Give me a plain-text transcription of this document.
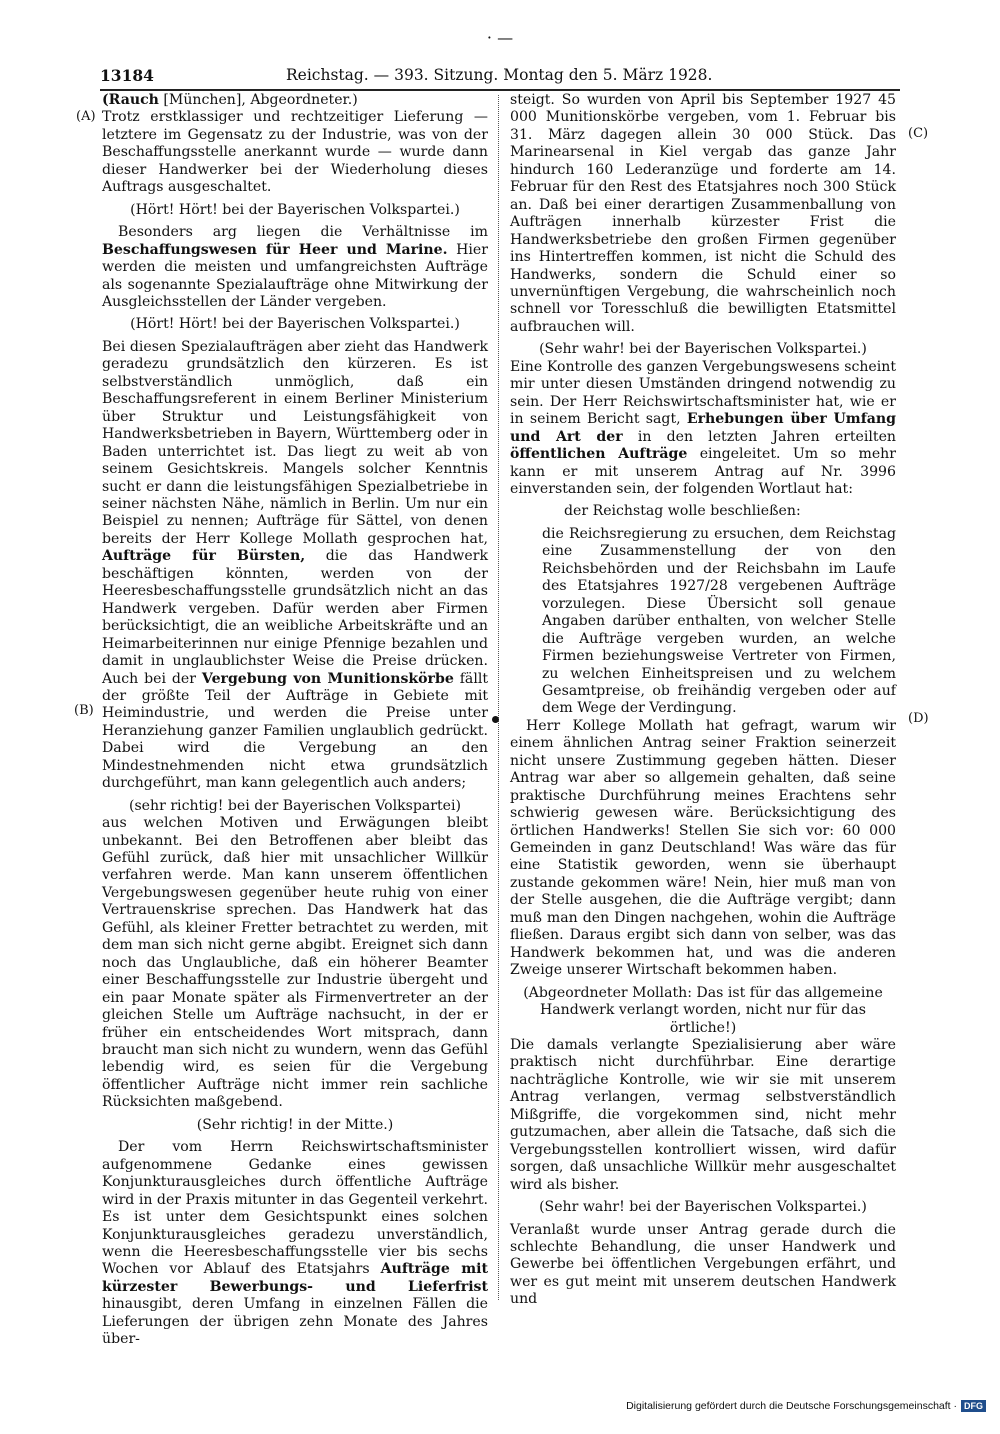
· —
13184	Reichstag. — 393. Sitzung. Montag den 5. März 1928.
(A)
(B)
(C)
(D)

(Rauch [München], Abgeordneter.)

Trotz erstklassiger und rechtzeitiger Lieferung — letztere im Gegensatz zu der Industrie, was von der Beschaffungsstelle anerkannt wurde — wurde dann dieser Handwerker bei der Wiederholung dieses Auftrags ausgeschaltet.

(Hört! Hört! bei der Bayerischen Volkspartei.)

Besonders arg liegen die Verhältnisse im Beschaffungswesen für Heer und Marine. Hier werden die meisten und umfangreichsten Aufträge als sogenannte Spezialaufträge ohne Mitwirkung der Ausgleichsstellen der Länder vergeben.

(Hört! Hört! bei der Bayerischen Volkspartei.)

Bei diesen Spezialaufträgen aber zieht das Handwerk geradezu grundsätzlich den kürzeren. Es ist selbstverständlich unmöglich, daß ein Beschaffungsreferent in einem Berliner Ministerium über Struktur und Leistungsfähigkeit von Handwerksbetrieben in Bayern, Württemberg oder in Baden unterrichtet ist. Das liegt zu weit ab von seinem Gesichtskreis. Mangels solcher Kenntnis sucht er dann die leistungsfähigen Spezialbetriebe in seiner nächsten Nähe, nämlich in Berlin. Um nur ein Beispiel zu nennen; Aufträge für Sättel, von denen bereits der Herr Kollege Mollath gesprochen hat, Aufträge für Bürsten, die das Handwerk beschäftigen könnten, werden von der Heeresbeschaffungsstelle grundsätzlich nicht an das Handwerk vergeben. Dafür werden aber Firmen berücksichtigt, die an weibliche Arbeitskräfte und an Heimarbeiterinnen nur einige Pfennige bezahlen und damit in unglaublichster Weise die Preise drücken. Auch bei der Vergebung von Munitionskörbe fällt der größte Teil der Aufträge in Gebiete mit Heimindustrie, und werden die Preise unter Heranziehung ganzer Familien unglaublich gedrückt. Dabei wird die Vergebung an den Mindestnehmenden nicht etwa grundsätzlich durchgeführt, man kann gelegentlich auch anders;

(sehr richtig! bei der Bayerischen Volkspartei)

aus welchen Motiven und Erwägungen bleibt unbekannt. Bei den Betroffenen aber bleibt das Gefühl zurück, daß hier mit unsachlicher Willkür verfahren werde. Man kann unserem öffentlichen Vergebungswesen gegenüber heute ruhig von einer Vertrauenskrise sprechen. Das Handwerk hat das Gefühl, als kleiner Fretter betrachtet zu werden, mit dem man sich nicht gerne abgibt. Ereignet sich dann noch das Unglaubliche, daß ein höherer Beamter einer Beschaffungsstelle zur Industrie übergeht und ein paar Monate später als Firmenvertreter an der gleichen Stelle um Aufträge nachsucht, in der er früher ein entscheidendes Wort mitsprach, dann braucht man sich nicht zu wundern, wenn das Gefühl lebendig wird, es seien für die Vergebung öffentlicher Aufträge nicht immer rein sachliche Rücksichten maßgebend.

(Sehr richtig! in der Mitte.)

Der vom Herrn Reichswirtschaftsminister aufgenommene Gedanke eines gewissen Konjunkturausgleiches durch öffentliche Aufträge wird in der Praxis mitunter in das Gegenteil verkehrt. Es ist unter dem Gesichtspunkt eines solchen Konjunkturausgleiches geradezu unverständlich, wenn die Heeresbeschaffungsstelle vier bis sechs Wochen vor Ablauf des Etatsjahrs Aufträge mit kürzester Bewerbungs- und Lieferfrist hinausgibt, deren Umfang in einzelnen Fällen die Lieferungen der übrigen zehn Monate des Jahres über-

steigt. So wurden von April bis September 1927 45 000 Munitionskörbe vergeben, vom 1. Februar bis 31. März dagegen allein 30 000 Stück. Das Marinearsenal in Kiel vergab das ganze Jahr hindurch 160 Lederanzüge und forderte am 14. Februar für den Rest des Etatsjahres noch 300 Stück an. Daß bei einer derartigen Zusammenballung von Aufträgen innerhalb kürzester Frist die Handwerksbetriebe den großen Firmen gegenüber ins Hintertreffen kommen, ist nicht die Schuld des Handwerks, sondern die Schuld einer so unvernünftigen Vergebung, die wahrscheinlich noch schnell vor Toresschluß die bewilligten Etatsmittel aufbrauchen will.

(Sehr wahr! bei der Bayerischen Volkspartei.)

Eine Kontrolle des ganzen Vergebungswesens scheint mir unter diesen Umständen dringend notwendig zu sein. Der Herr Reichswirtschaftsminister hat, wie er in seinem Bericht sagt, Erhebungen über Umfang und Art der in den letzten Jahren erteilten öffentlichen Aufträge eingeleitet. Um so mehr kann er mit unserem Antrag auf Nr. 3996 einverstanden sein, der folgenden Wortlaut hat:

der Reichstag wolle beschließen:

die Reichsregierung zu ersuchen, dem Reichstag eine Zusammenstellung der von den Reichsbehörden und der Reichsbahn im Laufe des Etatsjahres 1927/28 vergebenen Aufträge vorzulegen. Diese Übersicht soll genaue Angaben darüber enthalten, von welcher Stelle die Aufträge vergeben wurden, an welche Firmen beziehungsweise Vertreter von Firmen, zu welchen Einheitspreisen und zu welchem Gesamtpreise, ob freihändig vergeben oder auf dem Wege der Verdingung.

Herr Kollege Mollath hat gefragt, warum wir einem ähnlichen Antrag seiner Fraktion seinerzeit nicht unsere Zustimmung gegeben hätten. Dieser Antrag war aber so allgemein gehalten, daß seine praktische Durchführung meines Erachtens sehr schwierig gewesen wäre. Berücksichtigung des örtlichen Handwerks! Stellen Sie sich vor: 60 000 Gemeinden in ganz Deutschland! Was wäre das für eine Statistik geworden, wenn sie überhaupt zustande gekommen wäre! Nein, hier muß man von der Stelle ausgehen, die die Aufträge vergibt; dann muß man den Dingen nachgehen, wohin die Aufträge fließen. Daraus ergibt sich dann von selber, was das Handwerk bekommen hat, und was die anderen Zweige unserer Wirtschaft bekommen haben.

(Abgeordneter Mollath: Das ist für das allgemeine Handwerk verlangt worden, nicht nur für das örtliche!)

Die damals verlangte Spezialisierung aber wäre praktisch nicht durchführbar. Eine derartige nachträgliche Kontrolle, wie wir sie mit unserem Antrag verlangen, vermag selbstverständlich Mißgriffe, die vorgekommen sind, nicht mehr gutzumachen, aber allein die Tatsache, daß sich die Vergebungsstellen kontrolliert wissen, wird dafür sorgen, daß unsachliche Willkür mehr ausgeschaltet wird als bisher.

(Sehr wahr! bei der Bayerischen Volkspartei.)

Veranlaßt wurde unser Antrag gerade durch die schlechte Behandlung, die unser Handwerk und Gewerbe bei öffentlichen Vergebungen erfährt, und wer es gut meint mit unserem deutschen Handwerk und

Digitalisierung gefördert durch die Deutsche Forschungsgemeinschaft · DFG
